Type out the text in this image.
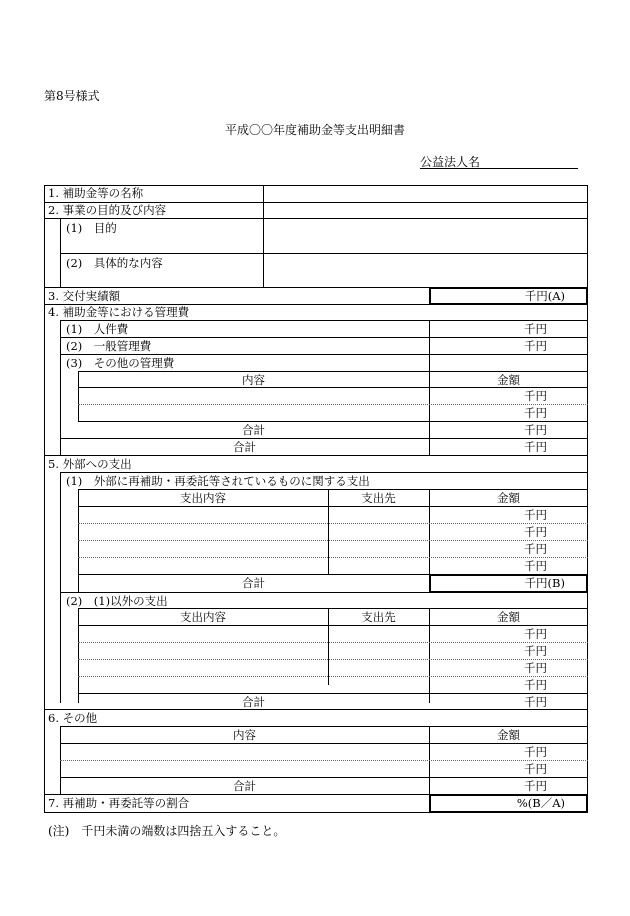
第8号様式
平成〇〇年度補助金等支出明細書
公益法人名
1. 補助金等の名称
2. 事業の目的及び内容
(1)　目的
(2)　具体的な内容
3. 交付実績額	千円(A)
4. 補助金等における管理費
(1)　人件費	千円
(2)　一般管理費	千円
(3)　その他の管理費
内容	金額
千円
千円
合計	千円
合計	千円
5. 外部への支出
(1)　外部に再補助・再委託等されているものに関する支出
支出内容	支出先	金額
千円
千円
千円
千円
合計	千円(B)
(2)　(1)以外の支出
支出内容	支出先	金額
千円
千円
千円
千円
合計	千円
6. その他
内容	金額
千円
千円
合計	千円
7. 再補助・再委託等の割合	%(B／A)
(注)　千円未満の端数は四捨五入すること。
